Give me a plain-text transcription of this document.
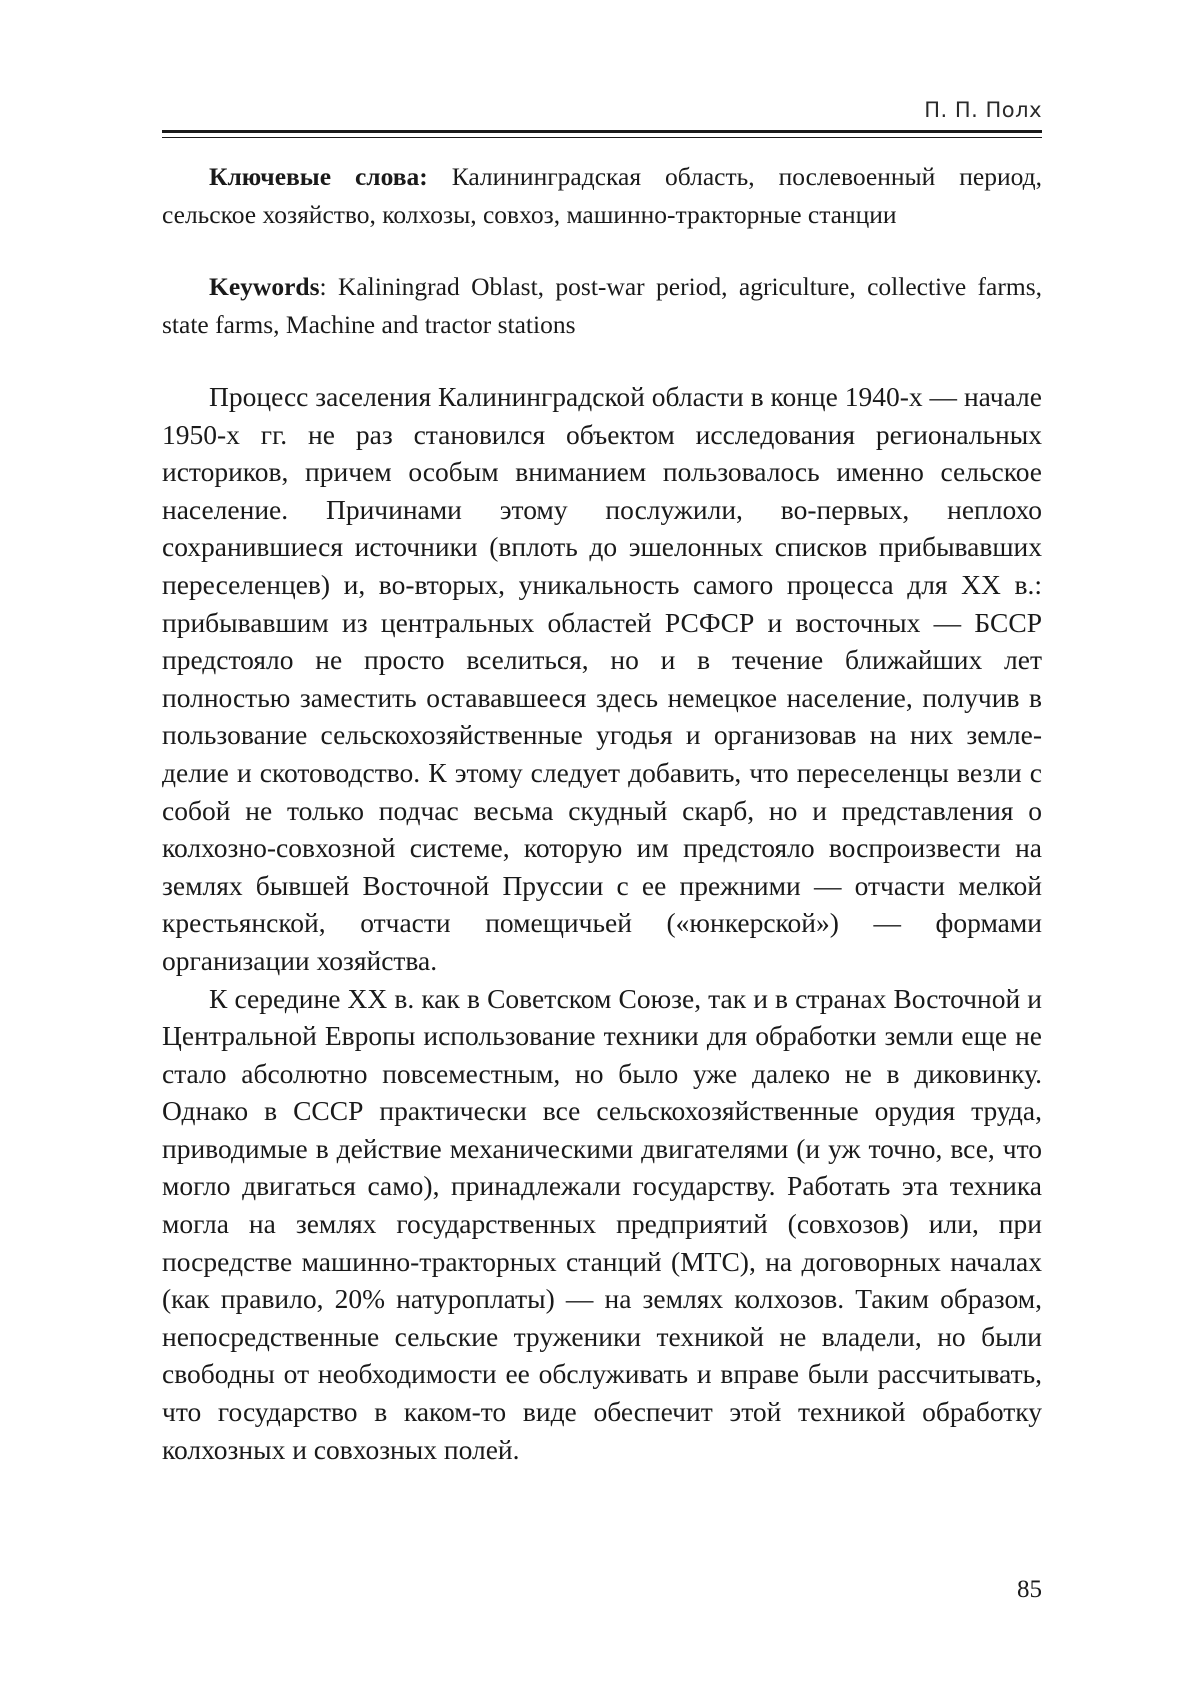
П. П. Полх

Ключевые слова: Калининградская область, послевоенный период, сельское хозяйство, колхозы, совхоз, машинно-тракторные станции

Keywords: Kaliningrad Oblast, post-war period, agriculture, collective farms, state farms, Machine and tractor stations

Процесс заселения Калининградской области в конце 1940-х — начале 1950-х гг. не раз становился объектом исследования региональных историков, причем особым вниманием пользовалось именно сельское население. Причинами этому послужили, во-первых, неплохо сохранившиеся источники (вплоть до эшелонных списков прибывавших переселенцев) и, во-вторых, уникальность самого процесса для XX в.: прибывавшим из центральных областей РСФСР и восточных — БССР предстояло не просто вселиться, но и в течение ближайших лет полностью заместить остававшееся здесь немецкое население, получив в пользование сельскохозяйственные угодья и организовав на них земледелие и скотоводство. К этому следует добавить, что переселенцы везли с собой не только подчас весьма скудный скарб, но и представления о колхозно-совхозной системе, которую им предстояло воспроизвести на землях бывшей Восточной Пруссии с ее прежними — отчасти мелкой крестьянской, отчасти помещичьей («юнкерской») — формами организации хозяйства.

К середине XX в. как в Советском Союзе, так и в странах Восточной и Центральной Европы использование техники для обработки земли еще не стало абсолютно повсеместным, но было уже далеко не в диковинку. Однако в СССР практически все сельскохозяйственные орудия труда, приводимые в действие механическими двигателями (и уж точно, все, что могло двигаться само), принадлежали государству. Работать эта техника могла на землях государственных предприятий (совхозов) или, при посредстве машинно-тракторных станций (МТС), на договорных началах (как правило, 20% натуроплаты) — на землях колхозов. Таким образом, непосредственные сельские труженики техникой не владели, но были свободны от необходимости ее обслуживать и вправе были рассчитывать, что государство в каком-то виде обеспечит этой техникой обработку колхозных и совхозных полей.

85
